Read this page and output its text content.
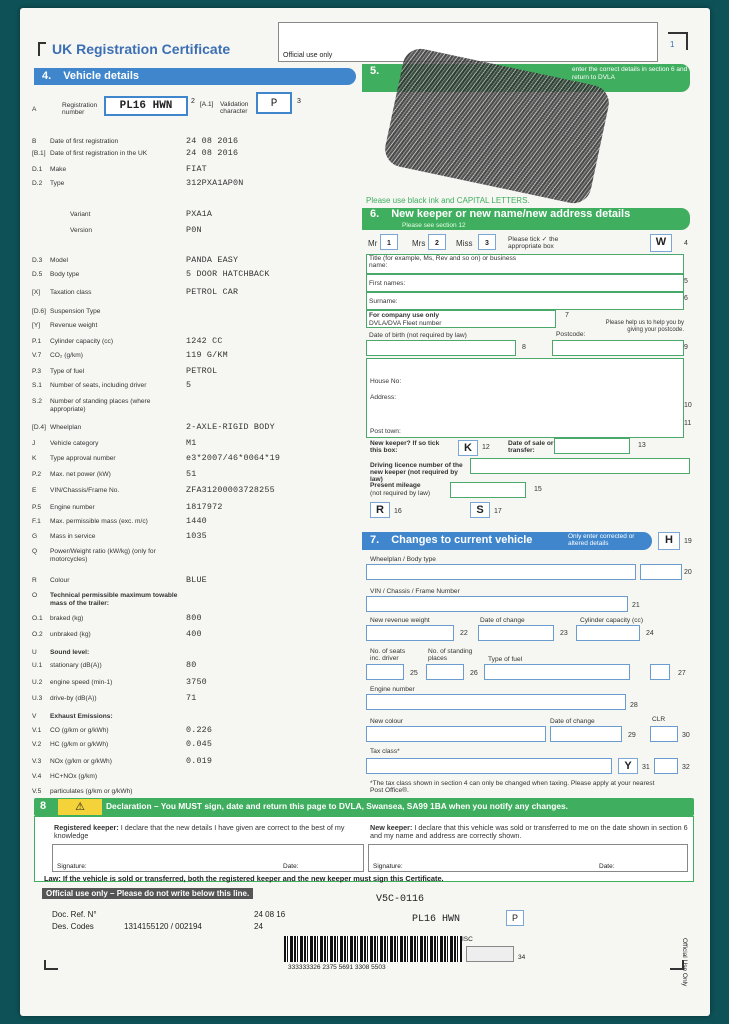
UK Registration Certificate	Official use only
1
4. Vehicle details
A
Registration number
PL16 HWN	2 [A.1] Validation character
P	3
B Date of first registration	24 08 2016
[B.1] Date of first registration in the UK	24 08 2016
D.1 Make	FIAT
D.2 Type	312PXA1AP0N
Variant	PXA1A
Version	P0N
D.3 Model	PANDA EASY
D.5 Body type	5 DOOR HATCHBACK
[X] Taxation class	PETROL CAR
[D.6] Suspension Type
[Y] Revenue weight
P.1 Cylinder capacity (cc)	1242 CC
V.7 CO₂ (g/km)	119 G/KM
P.3 Type of fuel	PETROL
S.1 Number of seats, including driver	5
S.2 Number of standing places (where appropriate)
[D.4] Wheelplan	2-AXLE-RIGID BODY
J Vehicle category	M1
K Type approval number	e3*2007/46*0064*19
P.2 Max. net power (kW)	51
E VIN/Chassis/Frame No.	ZFA31200003728255
P.5 Engine number	1817972
F.1 Max. permissible mass (exc. m/c)	1440
G Mass in service	1035
Q Power/Weight ratio (kW/kg) (only for motorcycles)
R Colour	BLUE
O Technical permissible maximum towable mass of the trailer:
O.1 braked (kg)	800
O.2 unbraked (kg)	400
U Sound level:
U.1 stationary (dB(A))	80
U.2 engine speed (min-1)	3750
U.3 drive-by (dB(A))	71
V Exhaust Emissions:
V.1 CO (g/km or g/kWh)	0.226
V.2 HC (g/km or g/kWh)	0.045
V.3 NOx (g/km or g/kWh)	0.019
V.4 HC+NOx (g/km)
V.5 particulates (g/km or g/kWh)
5.	enter the correct details in section 6 and return to DVLA
Please use black ink and CAPITAL LETTERS.
6. New keeper or new name/new address details
Please see section 12
Mr	1	Mrs	2	Miss	3
Please tick ✓ the appropriate box	W	4
Title (for example, Ms, Rev and so on) or business name:
5
First names:
Surname:	6
For company use only
DVLA/DVA Fleet number
7
Please help us to help you by giving your postcode.
Date of birth (not required by law)
8
Postcode:
9
House No:
Address:
10
Post town:
11
New keeper? If so tick this box:	K	12
Date of sale or transfer:
13
Driving licence number of the new keeper (not required by law)
Present mileage
(not required by law)
15
R	16	S	17
7. Changes to current vehicle	Only enter corrected or altered details	H	19
Wheelplan / Body type
20
VIN / Chassis / Frame Number
21
New revenue weight
22
Date of change
23
Cylinder capacity (cc)
24
No. of seats inc. driver
25
No. of standing places
26
Type of fuel
27
Engine number
28
New colour	Date of change
29
CLR
30
Tax class*
Y	31	32
*The tax class shown in section 4 can only be changed when taxing. Please apply at your nearest Post Office®.
8	⚠	Declaration – You MUST sign, date and return this page to DVLA, Swansea, SA99 1BA when you notify any changes.
Registered keeper: I declare that the new details I have given are correct to the best of my knowledge
New keeper: I declare that this vehicle was sold or transferred to me on the date shown in section 6 and my name and address are correctly shown.
Signature:	Date:	Signature:	Date:
Law: If the vehicle is sold or transferred, both the registered keeper and the new keeper must sign this Certificate.
Official use only – Please do not write below this line.
V5C-0116
Doc. Ref. N°	24 08 16	PL16 HWN	P
Des. Codes	1314155120 / 002194	24
333333326 2375 5691 3308 5503
ISC
34	Official Use Only
